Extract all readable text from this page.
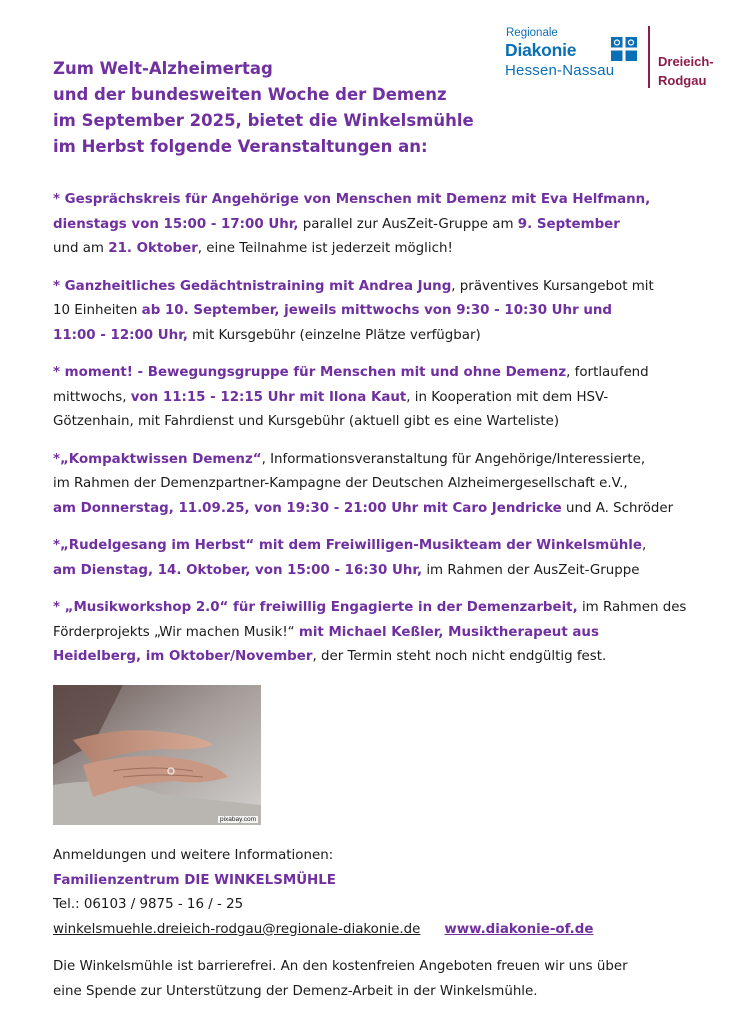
Zum Welt-Alzheimertag
und der bundesweiten Woche der Demenz
im September 2025, bietet die Winkelsmühle
im Herbst folgende Veranstaltungen an:
Regionale
Diakonie
Hessen-Nassau
Dreieich-
Rodgau
* Gesprächskreis für Angehörige von Menschen mit Demenz mit Eva Helfmann,
dienstags von 15:00 - 17:00 Uhr, parallel zur AusZeit-Gruppe am 9. September
und am 21. Oktober, eine Teilnahme ist jederzeit möglich!
* Ganzheitliches Gedächtnistraining mit Andrea Jung, präventives Kursangebot mit
10 Einheiten ab 10. September, jeweils mittwochs von 9:30 - 10:30 Uhr und
11:00 - 12:00 Uhr, mit Kursgebühr (einzelne Plätze verfügbar)
* moment! - Bewegungsgruppe für Menschen mit und ohne Demenz, fortlaufend
mittwochs, von 11:15 - 12:15 Uhr mit Ilona Kaut, in Kooperation mit dem HSV-
Götzenhain, mit Fahrdienst und Kursgebühr (aktuell gibt es eine Warteliste)
*„Kompaktwissen Demenz“, Informationsveranstaltung für Angehörige/Interessierte,
im Rahmen der Demenzpartner-Kampagne der Deutschen Alzheimergesellschaft e.V.,
am Donnerstag, 11.09.25, von 19:30 - 21:00 Uhr mit Caro Jendricke und A. Schröder
*„Rudelgesang im Herbst“ mit dem Freiwilligen-Musikteam der Winkelsmühle,
am Dienstag, 14. Oktober, von 15:00 - 16:30 Uhr, im Rahmen der AusZeit-Gruppe
* „Musikworkshop 2.0“ für freiwillig Engagierte in der Demenzarbeit, im Rahmen des
Förderprojekts „Wir machen Musik!“ mit Michael Keßler, Musiktherapeut aus
Heidelberg, im Oktober/November, der Termin steht noch nicht endgültig fest.
pixabay.com
Anmeldungen und weitere Informationen:
Familienzentrum DIE WINKELSMÜHLE
Tel.: 06103 / 9875 - 16 / - 25
winkelsmuehle.dreieich-rodgau@regionale-diakonie.de www.diakonie-of.de
Die Winkelsmühle ist barrierefrei. An den kostenfreien Angeboten freuen wir uns über
eine Spende zur Unterstützung der Demenz-Arbeit in der Winkelsmühle.
